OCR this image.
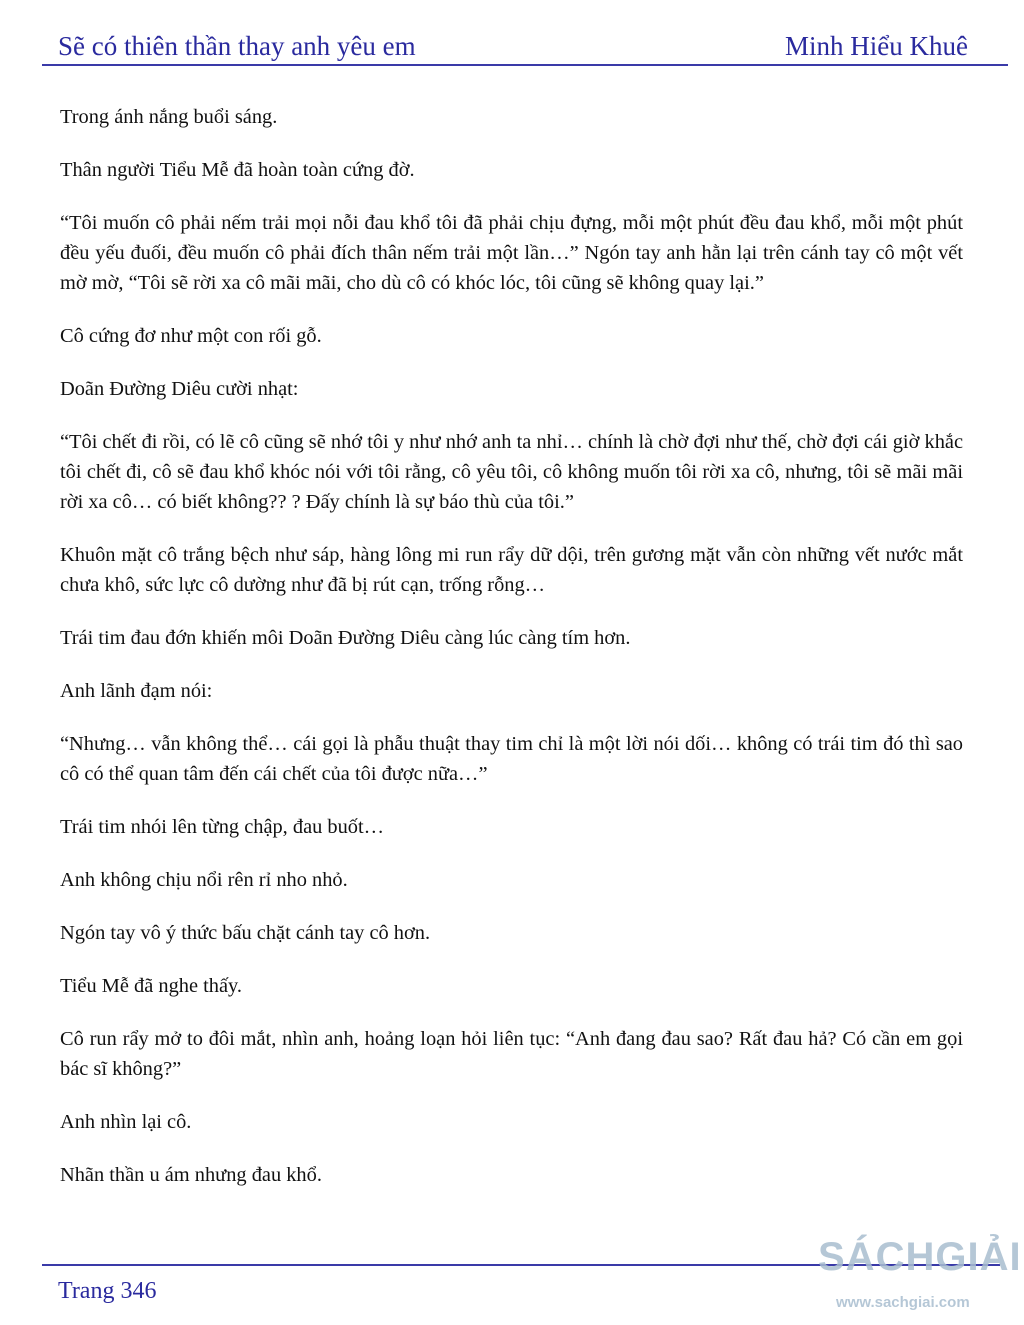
Sẽ có thiên thần thay anh yêu em	Minh Hiểu Khuê

Trong ánh nắng buổi sáng.

Thân người Tiểu Mễ đã hoàn toàn cứng đờ.

“Tôi muốn cô phải nếm trải mọi nỗi đau khổ tôi đã phải chịu đựng, mỗi một phút đều đau khổ, mỗi một phút đều yếu đuối, đều muốn cô phải đích thân nếm trải một lần…” Ngón tay anh hằn lại trên cánh tay cô một vết mờ mờ, “Tôi sẽ rời xa cô mãi mãi, cho dù cô có khóc lóc, tôi cũng sẽ không quay lại.”

Cô cứng đơ như một con rối gỗ.

Doãn Đường Diêu cười nhạt:

“Tôi chết đi rồi, có lẽ cô cũng sẽ nhớ tôi y như nhớ anh ta nhỉ… chính là chờ đợi như thế, chờ đợi cái giờ khắc tôi chết đi, cô sẽ đau khổ khóc nói với tôi rằng, cô yêu tôi, cô không muốn tôi rời xa cô, nhưng, tôi sẽ mãi mãi rời xa cô… có biết không?? ? Đấy chính là sự báo thù của tôi.”

Khuôn mặt cô trắng bệch như sáp, hàng lông mi run rẩy dữ dội, trên gương mặt vẫn còn những vết nước mắt chưa khô, sức lực cô dường như đã bị rút cạn, trống rỗng…

Trái tim đau đớn khiến môi Doãn Đường Diêu càng lúc càng tím hơn.

Anh lãnh đạm nói:

“Nhưng… vẫn không thể… cái gọi là phẫu thuật thay tim chỉ là một lời nói dối… không có trái tim đó thì sao cô có thể quan tâm đến cái chết của tôi được nữa…”

Trái tim nhói lên từng chập, đau buốt…

Anh không chịu nổi rên rỉ nho nhỏ.

Ngón tay vô ý thức bấu chặt cánh tay cô hơn.

Tiểu Mễ đã nghe thấy.

Cô run rẩy mở to đôi mắt, nhìn anh, hoảng loạn hỏi liên tục: “Anh đang đau sao? Rất đau hả? Có cần em gọi bác sĩ không?”

Anh nhìn lại cô.

Nhãn thần u ám nhưng đau khổ.

Trang 346
SÁCHGIẢI
www.sachgiai.com
